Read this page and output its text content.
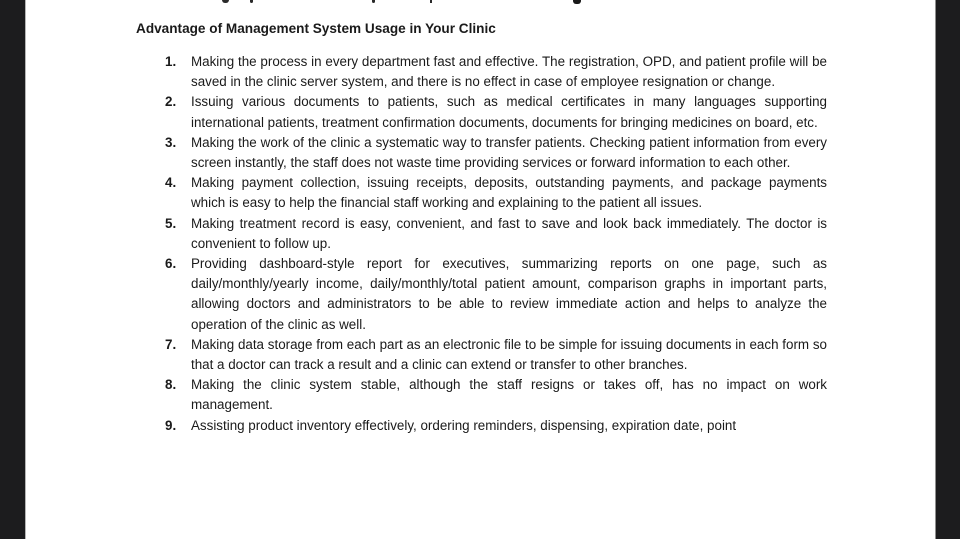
Advantage of Management System Usage in Your Clinic
1. Making the process in every department fast and effective. The registration, OPD, and patient profile will be saved in the clinic server system, and there is no effect in case of employee resignation or change.
2. Issuing various documents to patients, such as medical certificates in many languages supporting international patients, treatment confirmation documents, documents for bringing medicines on board, etc.
3. Making the work of the clinic a systematic way to transfer patients. Checking patient information from every screen instantly, the staff does not waste time providing services or forward information to each other.
4. Making payment collection, issuing receipts, deposits, outstanding payments, and package payments which is easy to help the financial staff working and explaining to the patient all issues.
5. Making treatment record is easy, convenient, and fast to save and look back immediately. The doctor is convenient to follow up.
6. Providing dashboard-style report for executives, summarizing reports on one page, such as daily/monthly/yearly income, daily/monthly/total patient amount, comparison graphs in important parts, allowing doctors and administrators to be able to review immediate action and helps to analyze the operation of the clinic as well.
7. Making data storage from each part as an electronic file to be simple for issuing documents in each form so that a doctor can track a result and a clinic can extend or transfer to other branches.
8. Making the clinic system stable, although the staff resigns or takes off, has no impact on work management.
9. Assisting product inventory effectively, ordering reminders, dispensing, expiration date, point
